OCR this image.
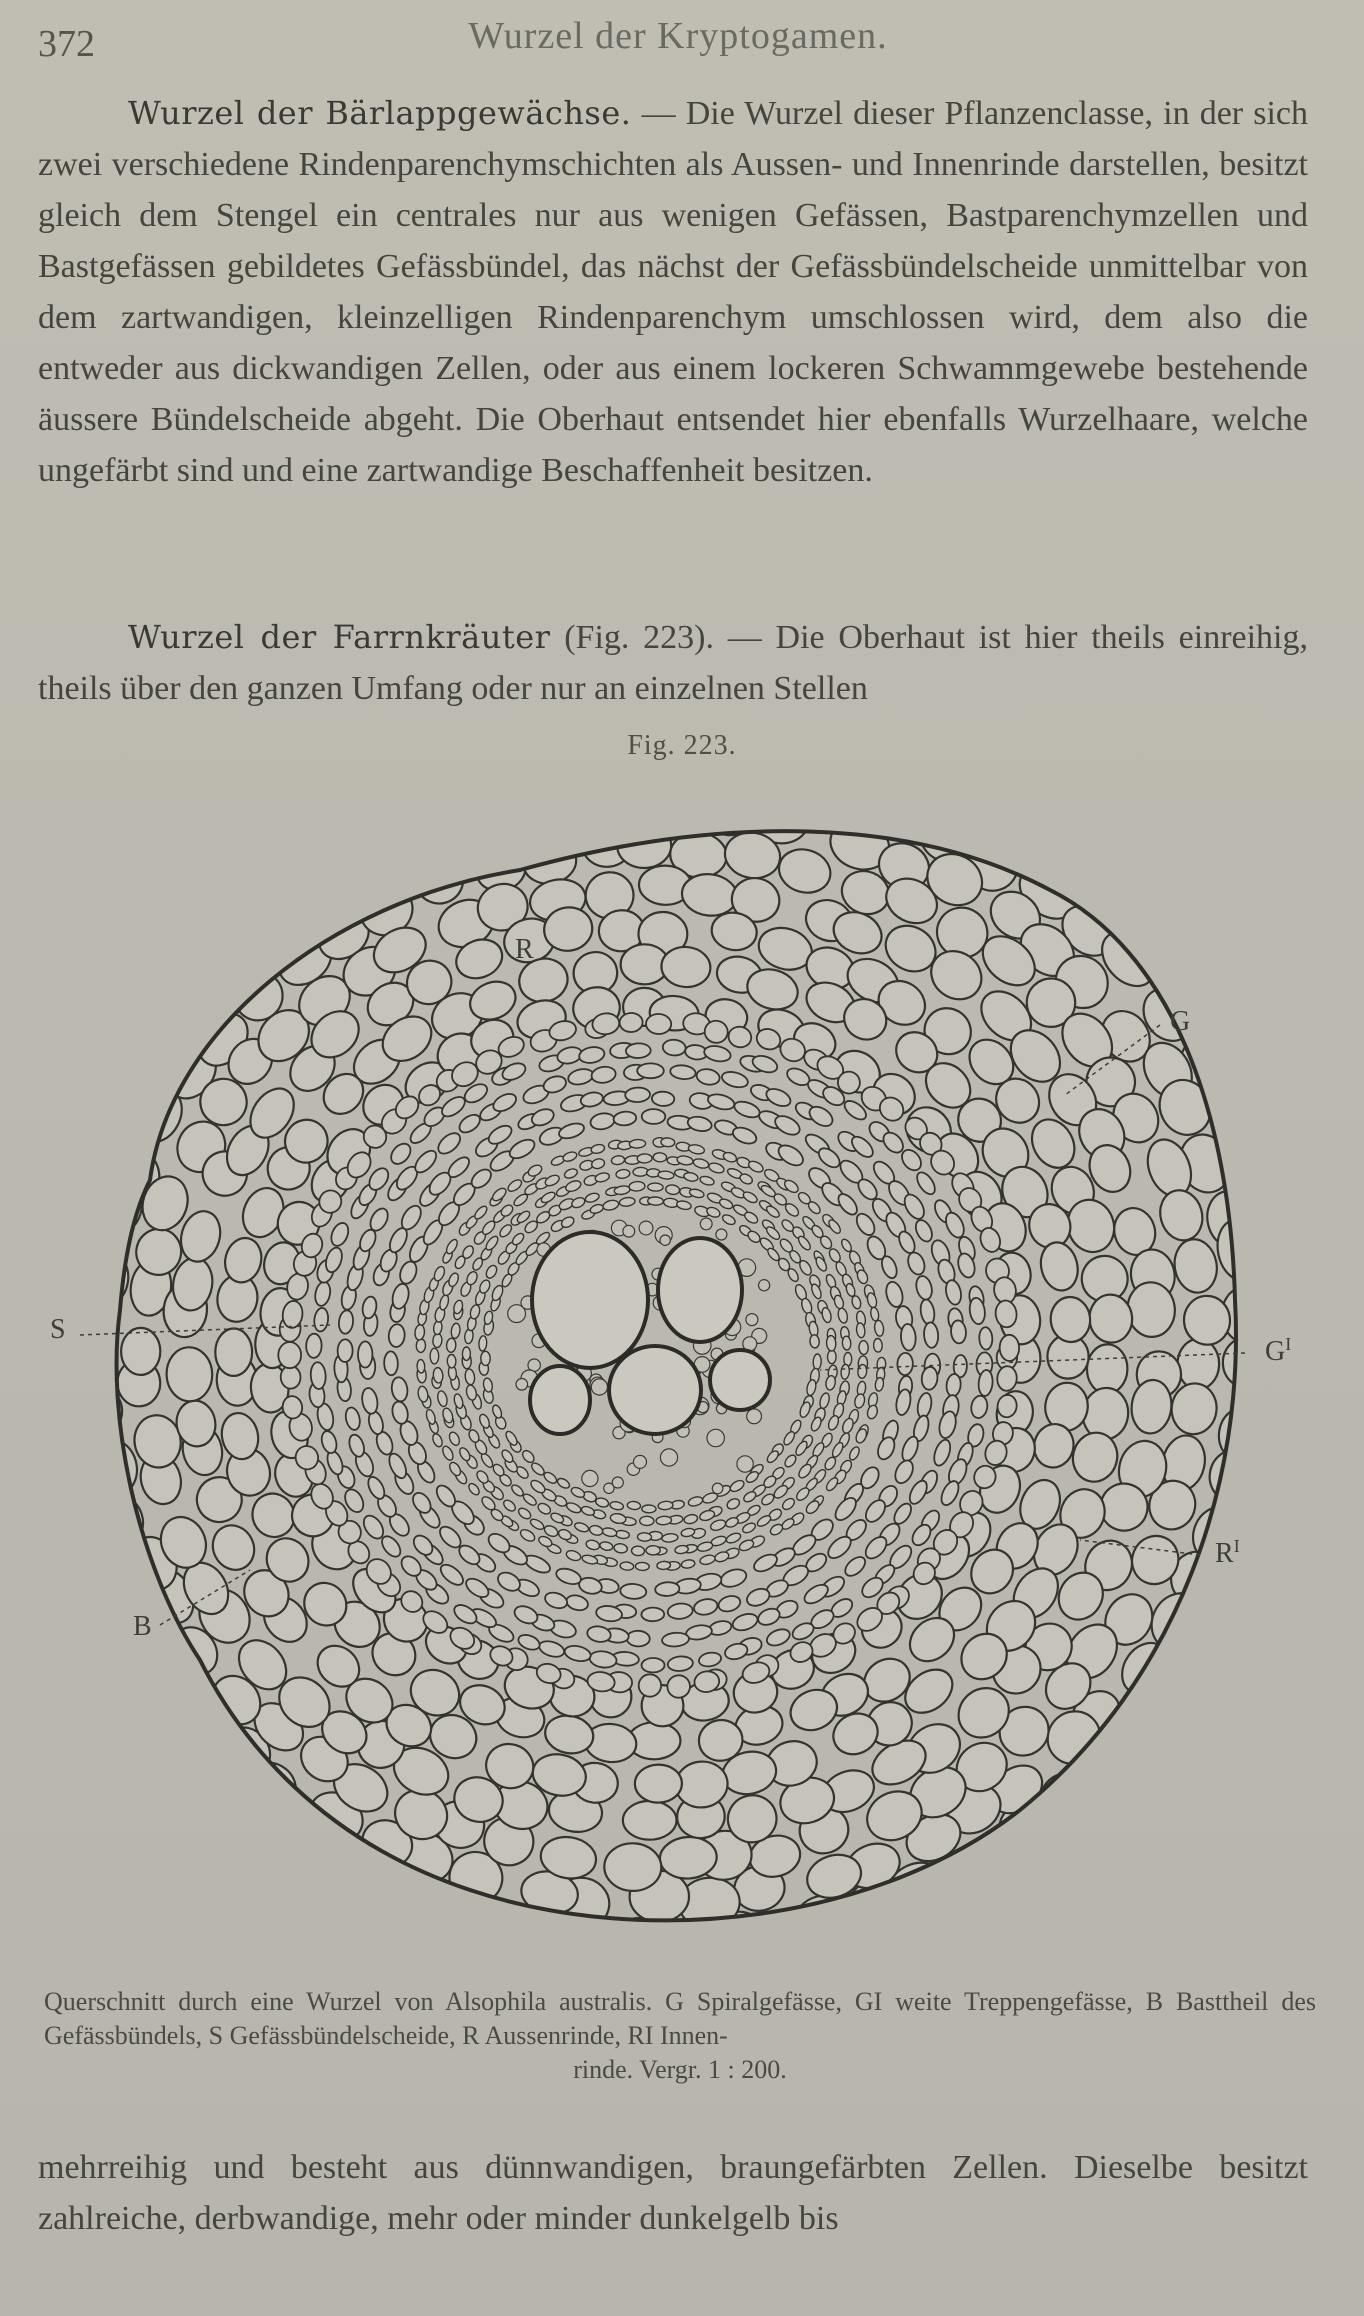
372	Wurzel der Kryptogamen.
Wurzel der Bärlappgewächse. — Die Wurzel dieser Pflanzenclasse, in der sich zwei verschiedene Rindenparenchymschichten als Aussen- und Innenrinde darstellen, besitzt gleich dem Stengel ein centrales nur aus wenigen Gefässen, Bastparenchymzellen und Bastgefässen gebildetes Gefässbündel, das nächst der Gefässbündelscheide unmittelbar von dem zartwandigen, kleinzelligen Rindenparenchym umschlossen wird, dem also die entweder aus dickwandigen Zellen, oder aus einem lockeren Schwammgewebe bestehende äussere Bündelscheide abgeht. Die Oberhaut entsendet hier ebenfalls Wurzelhaare, welche ungefärbt sind und eine zartwandige Beschaffenheit besitzen.
Wurzel der Farrnkräuter (Fig. 223). — Die Oberhaut ist hier theils einreihig, theils über den ganzen Umfang oder nur an einzelnen Stellen
Fig. 223.
R
G
S
$G^I$
$R^I$
B
Querschnitt durch eine Wurzel von Alsophila australis. G Spiralgefässe, GI weite Treppengefässe, B Basttheil des Gefässbündels, S Gefässbündelscheide, R Aussenrinde, RI Innen-
rinde. Vergr. 1 : 200.
mehrreihig und besteht aus dünnwandigen, braungefärbten Zellen. Dieselbe besitzt zahlreiche, derbwandige, mehr oder minder dunkelgelb bis
